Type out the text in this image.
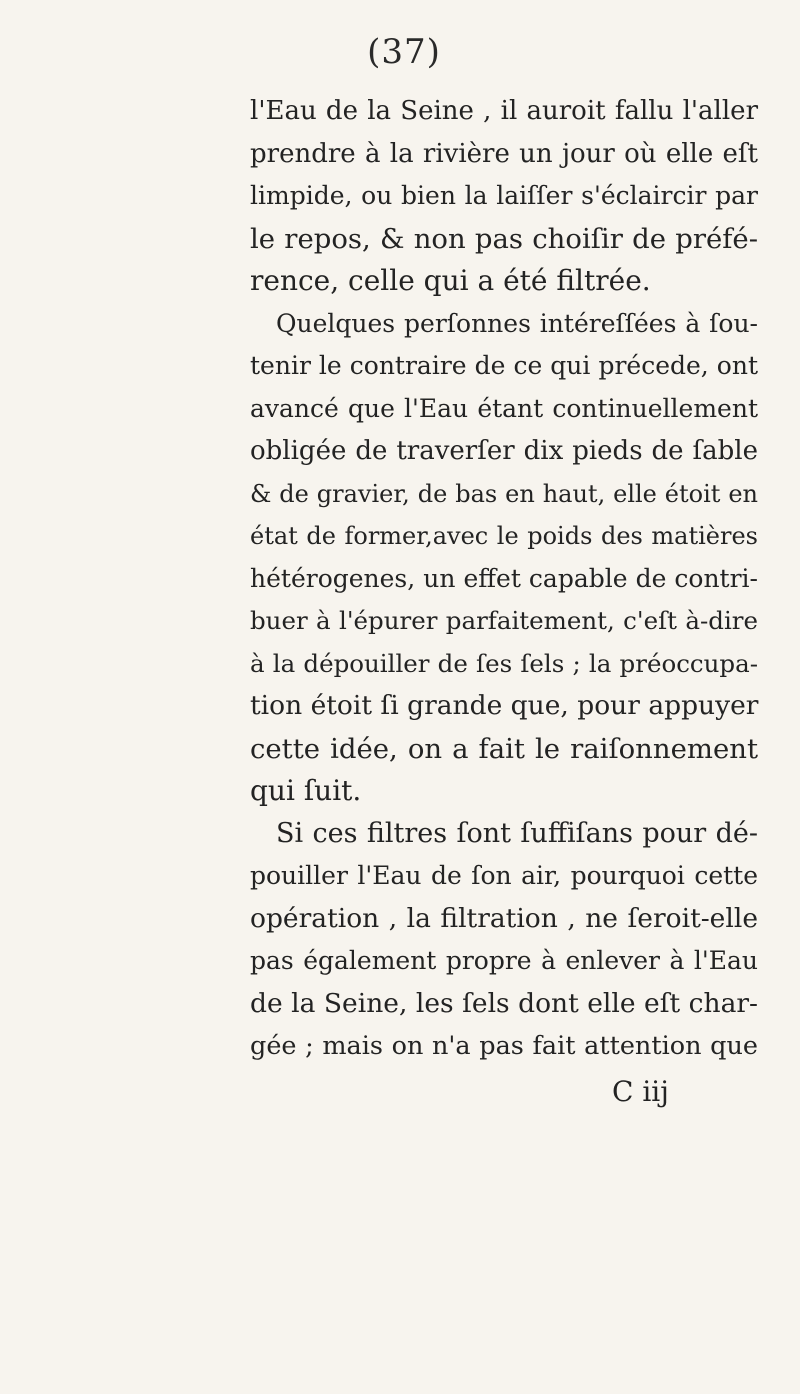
(37)
l'Eau de la Seine , il auroit fallu l'aller
prendre à la rivière un jour où elle eſt
limpide, ou bien la laiſſer s'éclaircir par
le repos, & non pas choiſir de préfé-
rence, celle qui a été filtrée.
Quelques perſonnes intéreſſées à ſou-
tenir le contraire de ce qui précede, ont
avancé que l'Eau étant continuellement
obligée de traverſer dix pieds de ſable
& de gravier, de bas en haut, elle étoit en
état de former,avec le poids des matières
hétérogenes, un effet capable de contri-
buer à l'épurer parfaitement, c'eſt à-dire
à la dépouiller de ſes ſels ; la préoccupa-
tion étoit ſi grande que, pour appuyer
cette idée, on a fait le raiſonnement
qui ſuit.
Si ces filtres ſont ſuffiſans pour dé-
pouiller l'Eau de ſon air, pourquoi cette
opération , la filtration , ne ſeroit-elle
pas également propre à enlever à l'Eau
de la Seine, les ſels dont elle eſt char-
gée ; mais on n'a pas fait attention que
C iij
